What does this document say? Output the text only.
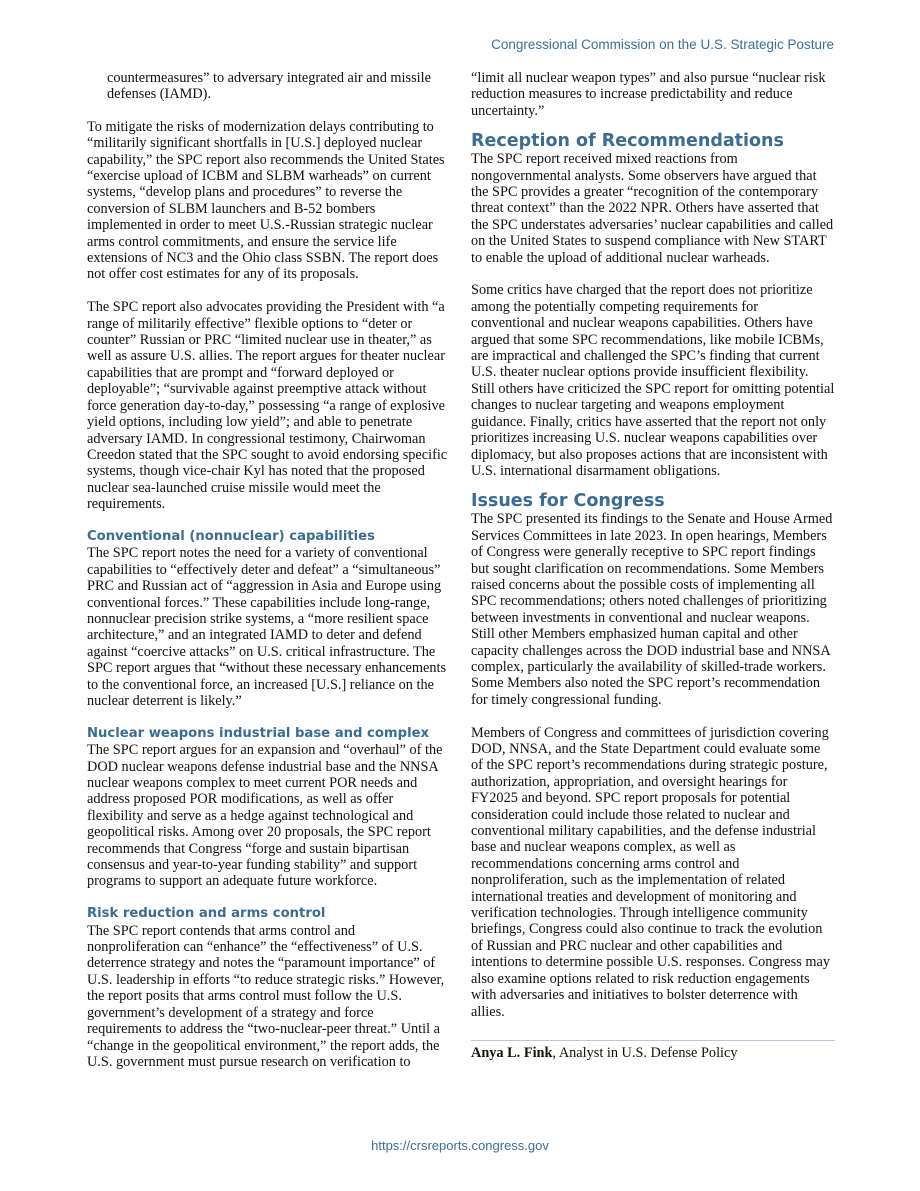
Congressional Commission on the U.S. Strategic Posture

countermeasures” to adversary integrated air and missile defenses (IAMD).

To mitigate the risks of modernization delays contributing to “militarily significant shortfalls in [U.S.] deployed nuclear capability,” the SPC report also recommends the United States “exercise upload of ICBM and SLBM warheads” on current systems, “develop plans and procedures” to reverse the conversion of SLBM launchers and B-52 bombers implemented in order to meet U.S.-Russian strategic nuclear arms control commitments, and ensure the service life extensions of NC3 and the Ohio class SSBN. The report does not offer cost estimates for any of its proposals.

The SPC report also advocates providing the President with “a range of militarily effective” flexible options to “deter or counter” Russian or PRC “limited nuclear use in theater,” as well as assure U.S. allies. The report argues for theater nuclear capabilities that are prompt and “forward deployed or deployable”; “survivable against preemptive attack without force generation day-to-day,” possessing “a range of explosive yield options, including low yield”; and able to penetrate adversary IAMD. In congressional testimony, Chairwoman Creedon stated that the SPC sought to avoid endorsing specific systems, though vice-chair Kyl has noted that the proposed nuclear sea-launched cruise missile would meet the requirements.

Conventional (nonnuclear) capabilities

The SPC report notes the need for a variety of conventional capabilities to “effectively deter and defeat” a “simultaneous” PRC and Russian act of “aggression in Asia and Europe using conventional forces.” These capabilities include long-range, nonnuclear precision strike systems, a “more resilient space architecture,” and an integrated IAMD to deter and defend against “coercive attacks” on U.S. critical infrastructure. The SPC report argues that “without these necessary enhancements to the conventional force, an increased [U.S.] reliance on the nuclear deterrent is likely.”

Nuclear weapons industrial base and complex

The SPC report argues for an expansion and “overhaul” of the DOD nuclear weapons defense industrial base and the NNSA nuclear weapons complex to meet current POR needs and address proposed POR modifications, as well as offer flexibility and serve as a hedge against technological and geopolitical risks. Among over 20 proposals, the SPC report recommends that Congress “forge and sustain bipartisan consensus and year-to-year funding stability” and support programs to support an adequate future workforce.

Risk reduction and arms control

The SPC report contends that arms control and nonproliferation can “enhance” the “effectiveness” of U.S. deterrence strategy and notes the “paramount importance” of U.S. leadership in efforts “to reduce strategic risks.” However, the report posits that arms control must follow the U.S. government’s development of a strategy and force requirements to address the “two-nuclear-peer threat.” Until a “change in the geopolitical environment,” the report adds, the U.S. government must pursue research on verification to

“limit all nuclear weapon types” and also pursue “nuclear risk reduction measures to increase predictability and reduce uncertainty.”

Reception of Recommendations

The SPC report received mixed reactions from nongovernmental analysts. Some observers have argued that the SPC provides a greater “recognition of the contemporary threat context” than the 2022 NPR. Others have asserted that the SPC understates adversaries’ nuclear capabilities and called on the United States to suspend compliance with New START to enable the upload of additional nuclear warheads.

Some critics have charged that the report does not prioritize among the potentially competing requirements for conventional and nuclear weapons capabilities. Others have argued that some SPC recommendations, like mobile ICBMs, are impractical and challenged the SPC’s finding that current U.S. theater nuclear options provide insufficient flexibility. Still others have criticized the SPC report for omitting potential changes to nuclear targeting and weapons employment guidance. Finally, critics have asserted that the report not only prioritizes increasing U.S. nuclear weapons capabilities over diplomacy, but also proposes actions that are inconsistent with U.S. international disarmament obligations.

Issues for Congress

The SPC presented its findings to the Senate and House Armed Services Committees in late 2023. In open hearings, Members of Congress were generally receptive to SPC report findings but sought clarification on recommendations. Some Members raised concerns about the possible costs of implementing all SPC recommendations; others noted challenges of prioritizing between investments in conventional and nuclear weapons. Still other Members emphasized human capital and other capacity challenges across the DOD industrial base and NNSA complex, particularly the availability of skilled-trade workers. Some Members also noted the SPC report’s recommendation for timely congressional funding.

Members of Congress and committees of jurisdiction covering DOD, NNSA, and the State Department could evaluate some of the SPC report’s recommendations during strategic posture, authorization, appropriation, and oversight hearings for FY2025 and beyond. SPC report proposals for potential consideration could include those related to nuclear and conventional military capabilities, and the defense industrial base and nuclear weapons complex, as well as recommendations concerning arms control and nonproliferation, such as the implementation of related international treaties and development of monitoring and verification technologies. Through intelligence community briefings, Congress could also continue to track the evolution of Russian and PRC nuclear and other capabilities and intentions to determine possible U.S. responses. Congress may also examine options related to risk reduction engagements with adversaries and initiatives to bolster deterrence with allies.

Anya L. Fink, Analyst in U.S. Defense Policy
https://crsreports.congress.gov
